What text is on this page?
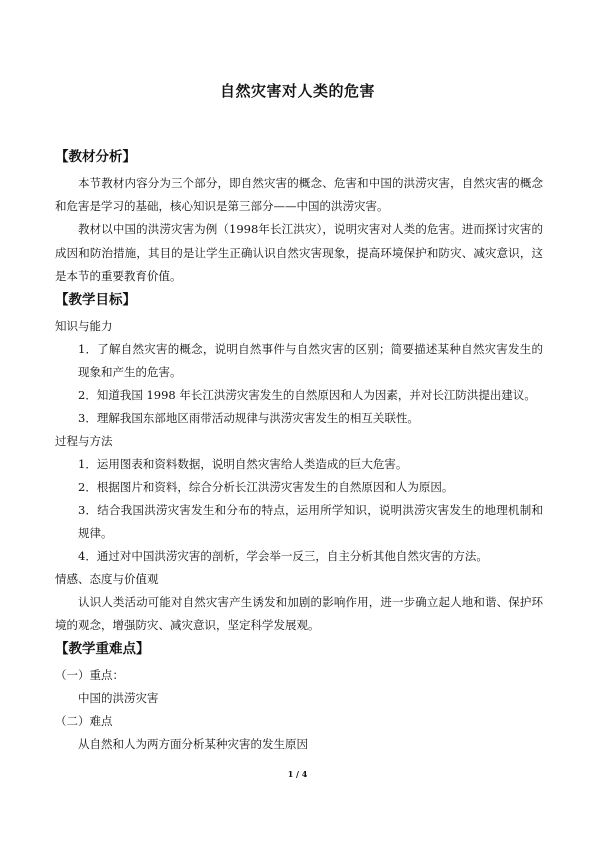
自然灾害对人类的危害
【教材分析】

本节教材内容分为三个部分，即自然灾害的概念、危害和中国的洪涝灾害，自然灾害的概念和危害是学习的基础，核心知识是第三部分——中国的洪涝灾害。

教材以中国的洪涝灾害为例（1998年长江洪灾），说明灾害对人类的危害。进而探讨灾害的成因和防治措施，其目的是让学生正确认识自然灾害现象，提高环境保护和防灾、减灾意识，这是本节的重要教育价值。

【教学目标】

知识与能力

1．了解自然灾害的概念，说明自然事件与自然灾害的区别；简要描述某种自然灾害发生的现象和产生的危害。

2．知道我国 1998 年长江洪涝灾害发生的自然原因和人为因素，并对长江防洪提出建议。

3．理解我国东部地区雨带活动规律与洪涝灾害发生的相互关联性。

过程与方法

1．运用图表和资料数据，说明自然灾害给人类造成的巨大危害。

2．根据图片和资料，综合分析长江洪涝灾害发生的自然原因和人为原因。

3．结合我国洪涝灾害发生和分布的特点，运用所学知识，说明洪涝灾害发生的地理机制和规律。

4．通过对中国洪涝灾害的剖析，学会举一反三，自主分析其他自然灾害的方法。

情感、态度与价值观

认识人类活动可能对自然灾害产生诱发和加剧的影响作用，进一步确立起人地和谐、保护环境的观念，增强防灾、减灾意识，坚定科学发展观。

【教学重难点】

（一）重点：

中国的洪涝灾害

（二）难点

从自然和人为两方面分析某种灾害的发生原因

1 / 4
